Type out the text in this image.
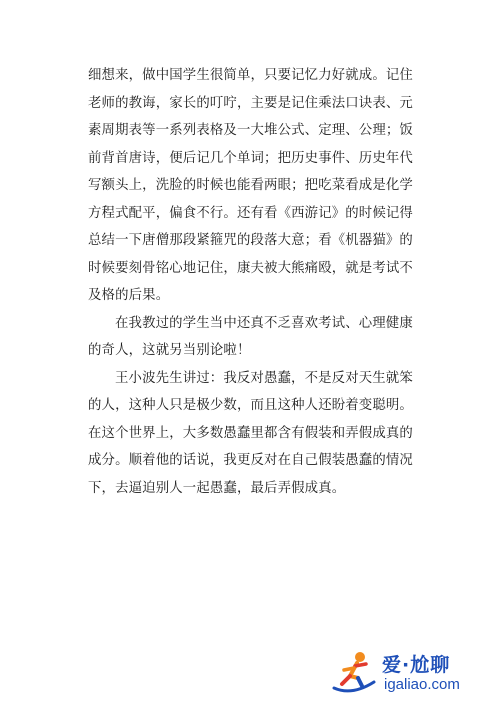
细想来，做中国学生很简单，只要记忆力好就成。记住
老师的教诲，家长的叮咛，主要是记住乘法口诀表、元
素周期表等一系列表格及一大堆公式、定理、公理；饭
前背首唐诗，便后记几个单词；把历史事件、历史年代
写额头上，洗脸的时候也能看两眼；把吃菜看成是化学
方程式配平，偏食不行。还有看《西游记》的时候记得
总结一下唐僧那段紧箍咒的段落大意；看《机器猫》的
时候要刻骨铭心地记住，康夫被大熊痛殴，就是考试不
及格的后果。
在我教过的学生当中还真不乏喜欢考试、心理健康
的奇人，这就另当别论啦！
王小波先生讲过：我反对愚蠢，不是反对天生就笨
的人，这种人只是极少数，而且这种人还盼着变聪明。
在这个世界上，大多数愚蠢里都含有假装和弄假成真的
成分。顺着他的话说，我更反对在自己假装愚蠢的情况
下，去逼迫别人一起愚蠢，最后弄假成真。
爱·尬聊
igaliao.com
